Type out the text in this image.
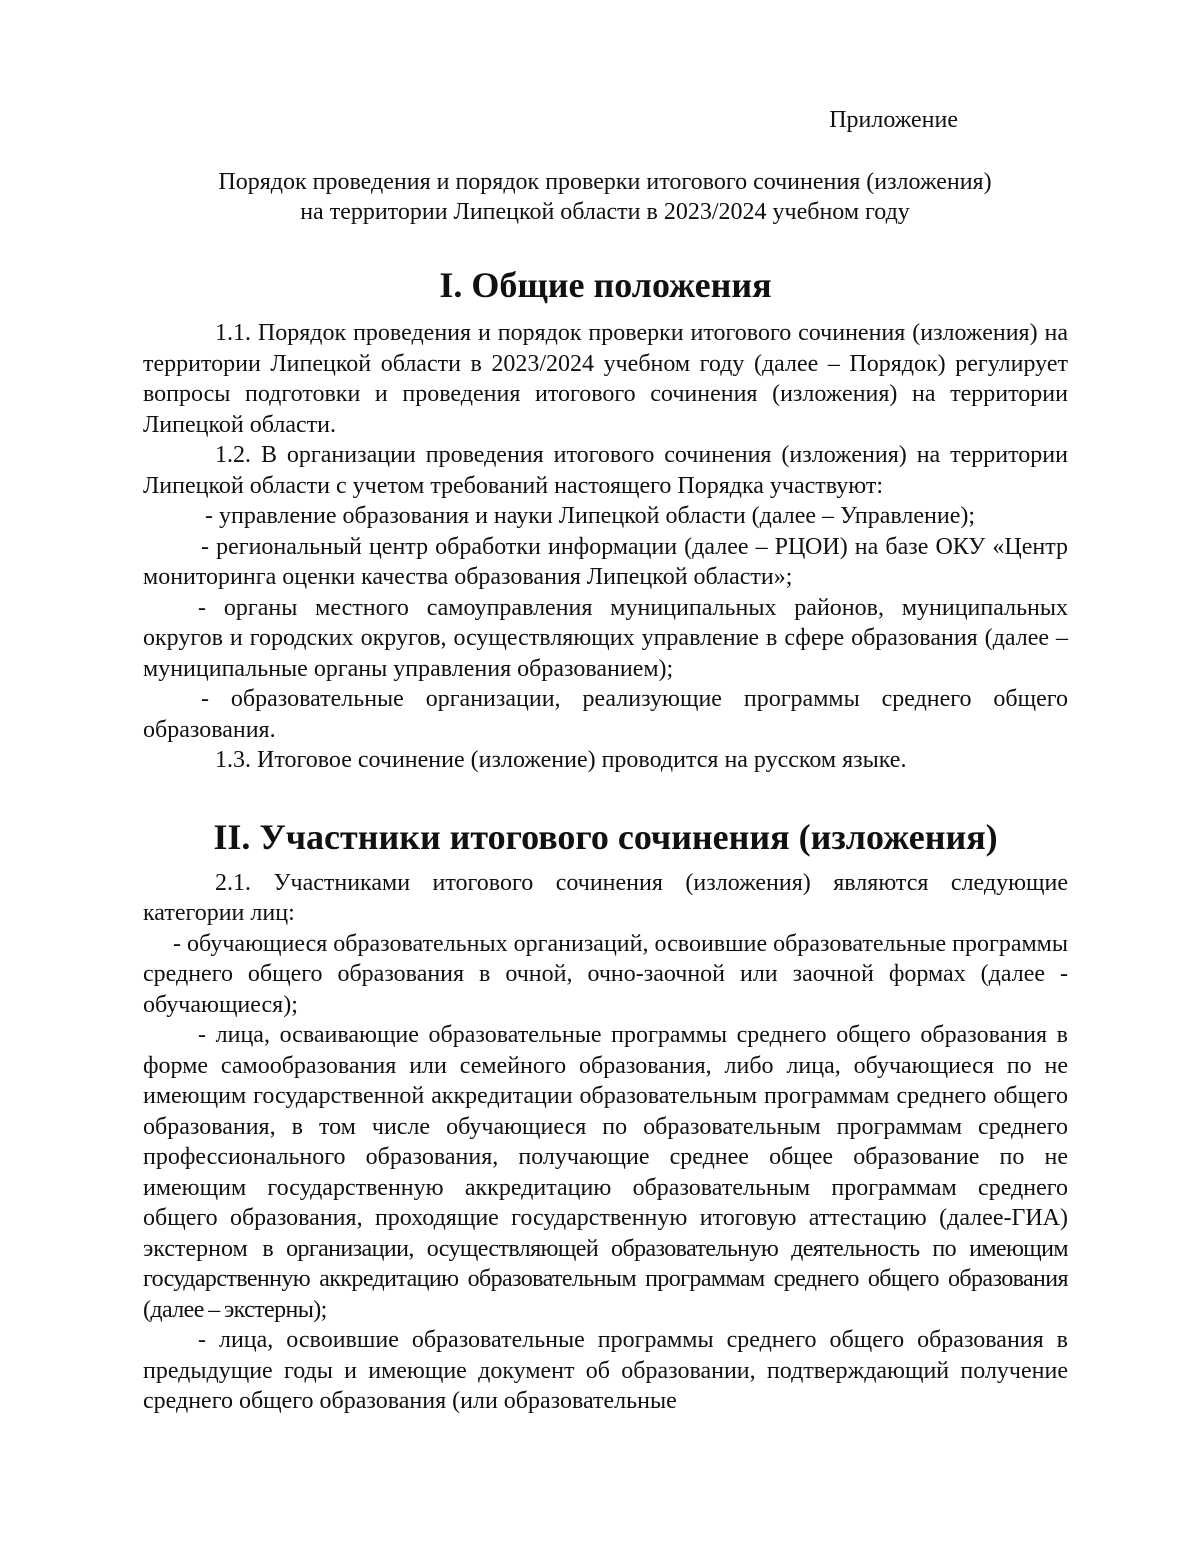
Приложение

Порядок проведения и порядок проверки итогового сочинения (изложения)
на территории Липецкой области в 2023/2024 учебном году
I. Общие положения

1.1. Порядок проведения и порядок проверки итогового сочинения (изложения) на территории Липецкой области в 2023/2024 учебном году (далее – Порядок) регулирует вопросы подготовки и проведения итогового сочинения (изложения) на территории Липецкой области.

1.2. В организации проведения итогового сочинения (изложения) на территории Липецкой области с учетом требований настоящего Порядка участвуют:

- управление образования и науки Липецкой области (далее – Управление);

- региональный центр обработки информации (далее – РЦОИ) на базе ОКУ «Центр мониторинга оценки качества образования Липецкой области»;

- органы местного самоуправления муниципальных районов, муниципальных округов и городских округов, осуществляющих управление в сфере образования (далее – муниципальные органы управления образованием);

- образовательные организации, реализующие программы среднего общего образования.

1.3. Итоговое сочинение (изложение) проводится на русском языке.

II. Участники итогового сочинения (изложения)

2.1. Участниками итогового сочинения (изложения) являются следующие категории лиц:

- обучающиеся образовательных организаций, освоившие образовательные программы среднего общего образования в очной, очно-заочной или заочной формах (далее - обучающиеся);

- лица, осваивающие образовательные программы среднего общего образования в форме самообразования или семейного образования, либо лица, обучающиеся по не имеющим государственной аккредитации образовательным программам среднего общего образования, в том числе обучающиеся по образовательным программам среднего профессионального образования, получающие среднее общее образование по не имеющим государственную аккредитацию образовательным программам среднего общего образования, проходящие государственную итоговую аттестацию (далее-ГИА) экстерном в организации, осуществляющей образовательную деятельность по имеющим государственную аккредитацию образовательным программам среднего общего образования (далее – экстерны);

- лица, освоившие образовательные программы среднего общего образования в предыдущие годы и имеющие документ об образовании, подтверждающий получение среднего общего образования (или образовательные
